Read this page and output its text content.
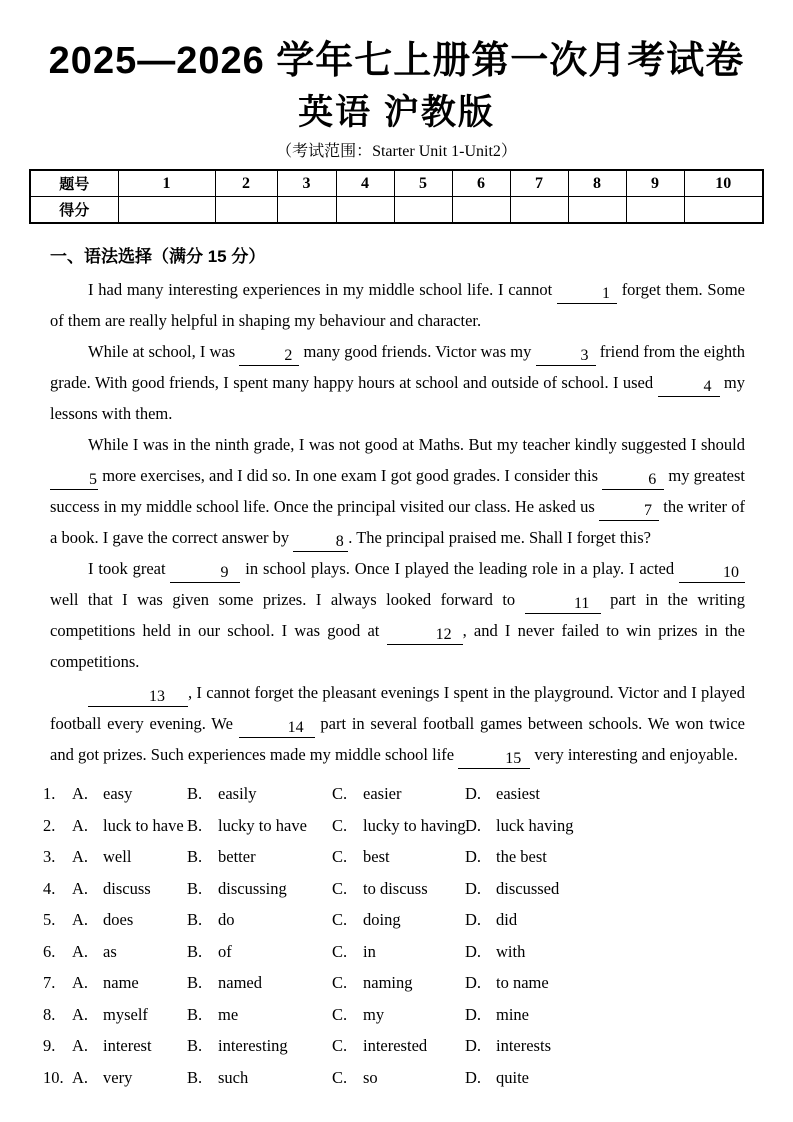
2025—2026 学年七上册第一次月考试卷
英语 沪教版
（考试范围：Starter Unit 1-Unit2）
题号	1	2	3	4	5	6	7	8	9	10
得分										
一、语法选择（满分 15 分）

I had many interesting experiences in my middle school life. I cannot	1 forget them. Some of them are really helpful in shaping my behaviour and character.

While at school, I was	2 many good friends. Victor was my	3 friend from the eighth grade. With good friends, I spent many happy hours at school and outside of school. I used	4 my lessons with them.

While I was in the ninth grade, I was not good at Maths. But my teacher kindly suggested I should 5 more exercises, and I did so. In one exam I got good grades. I consider this	6 my greatest success in my middle school life. Once the principal visited our class. He asked us	7 the writer of a book. I gave the correct answer by	8 . The principal praised me. Shall I forget this?

I took great	9 in school plays. Once I played the leading role in a play. I acted	10 well that I was given some prizes. I always looked forward to	11 part in the writing competitions held in our school. I was good at	12 , and I never failed to win prizes in the competitions.

13 , I cannot forget the pleasant evenings I spent in the playground. Victor and I played football every evening. We	14 part in several football games between schools. We won twice and got prizes. Such experiences made my middle school life	15 very interesting and enjoyable.

1.	A. easy	B. easily	C. easier	D. easiest
2.	A. luck to have B. lucky to have	C. lucky to having D. luck having
3.	A. well	B. better	C. best	D. the best
4.	A. discuss	B. discussing	C. to discuss	D. discussed
5.	A. does	B. do	C. doing	D. did
6.	A. as	B. of	C. in	D. with
7.	A. name	B. named	C. naming	D. to name
8.	A. myself	B. me	C. my	D. mine
9.	A. interest	B. interesting	C. interested	D. interests
10. A. very	B. such	C. so	D. quite
